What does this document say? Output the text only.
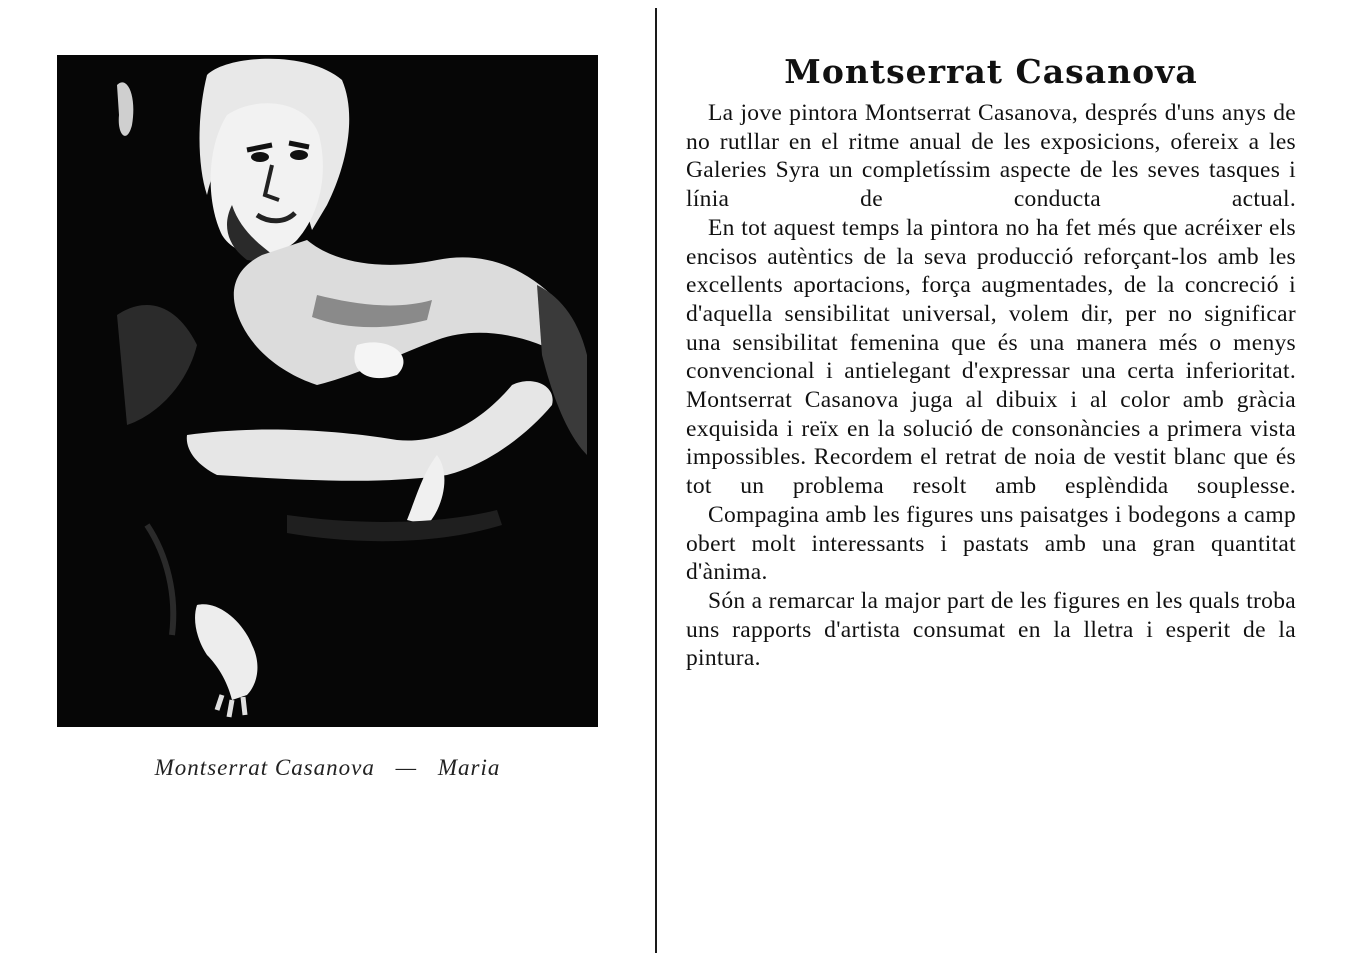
Montserrat Casanova — Maria
Montserrat Casanova

La jove pintora Montserrat Casanova, després d'uns anys de no rutllar en el ritme anual de les exposicions, ofereix a les Galeries Syra un completíssim aspecte de les seves tasques i línia de conducta actual.

En tot aquest temps la pintora no ha fet més que acréixer els encisos autèntics de la seva producció reforçant-los amb les excellents aportacions, força augmentades, de la concreció i d'aquella sensibilitat universal, volem dir, per no significar una sensibilitat femenina que és una manera més o menys convencional i antielegant d'expressar una certa inferioritat. Montserrat Casanova juga al dibuix i al color amb gràcia exquisida i reïx en la solució de consonàncies a primera vista impossibles. Recordem el retrat de noia de vestit blanc que és tot un problema resolt amb esplèndida souplesse.

Compagina amb les figures uns paisatges i bodegons a camp obert molt interessants i pastats amb una gran quantitat d'ànima.

Són a remarcar la major part de les figures en les quals troba uns rapports d'artista consumat en la lletra i esperit de la pintura.
